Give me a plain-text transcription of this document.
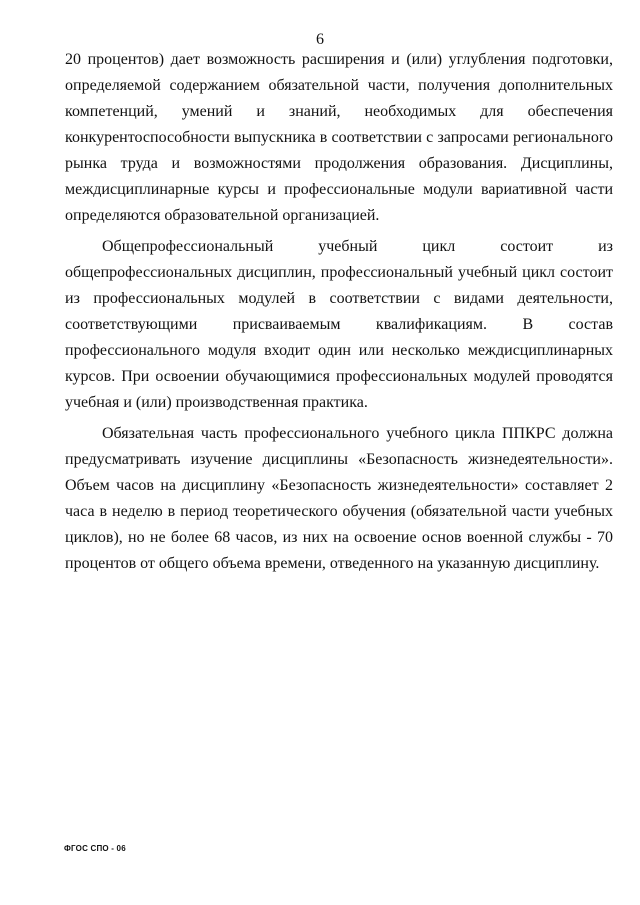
6

20 процентов) дает возможность расширения и (или) углубления подготовки, определяемой содержанием обязательной части, получения дополнительных компетенций, умений и знаний, необходимых для обеспечения конкурентоспособности выпускника в соответствии с запросами регионального рынка труда и возможностями продолжения образования. Дисциплины, междисциплинарные курсы и профессиональные модули вариативной части определяются образовательной организацией.

Общепрофессиональный учебный цикл состоит из общепрофессиональных дисциплин, профессиональный учебный цикл состоит из профессиональных модулей в соответствии с видами деятельности, соответствующими присваиваемым квалификациям. В состав профессионального модуля входит один или несколько междисциплинарных курсов. При освоении обучающимися профессиональных модулей проводятся учебная и (или) производственная практика.

Обязательная часть профессионального учебного цикла ППКРС должна предусматривать изучение дисциплины «Безопасность жизнедеятельности». Объем часов на дисциплину «Безопасность жизнедеятельности» составляет 2 часа в неделю в период теоретического обучения (обязательной части учебных циклов), но не более 68 часов, из них на освоение основ военной службы - 70 процентов от общего объема времени, отведенного на указанную дисциплину.

ФГОС СПО - 06
